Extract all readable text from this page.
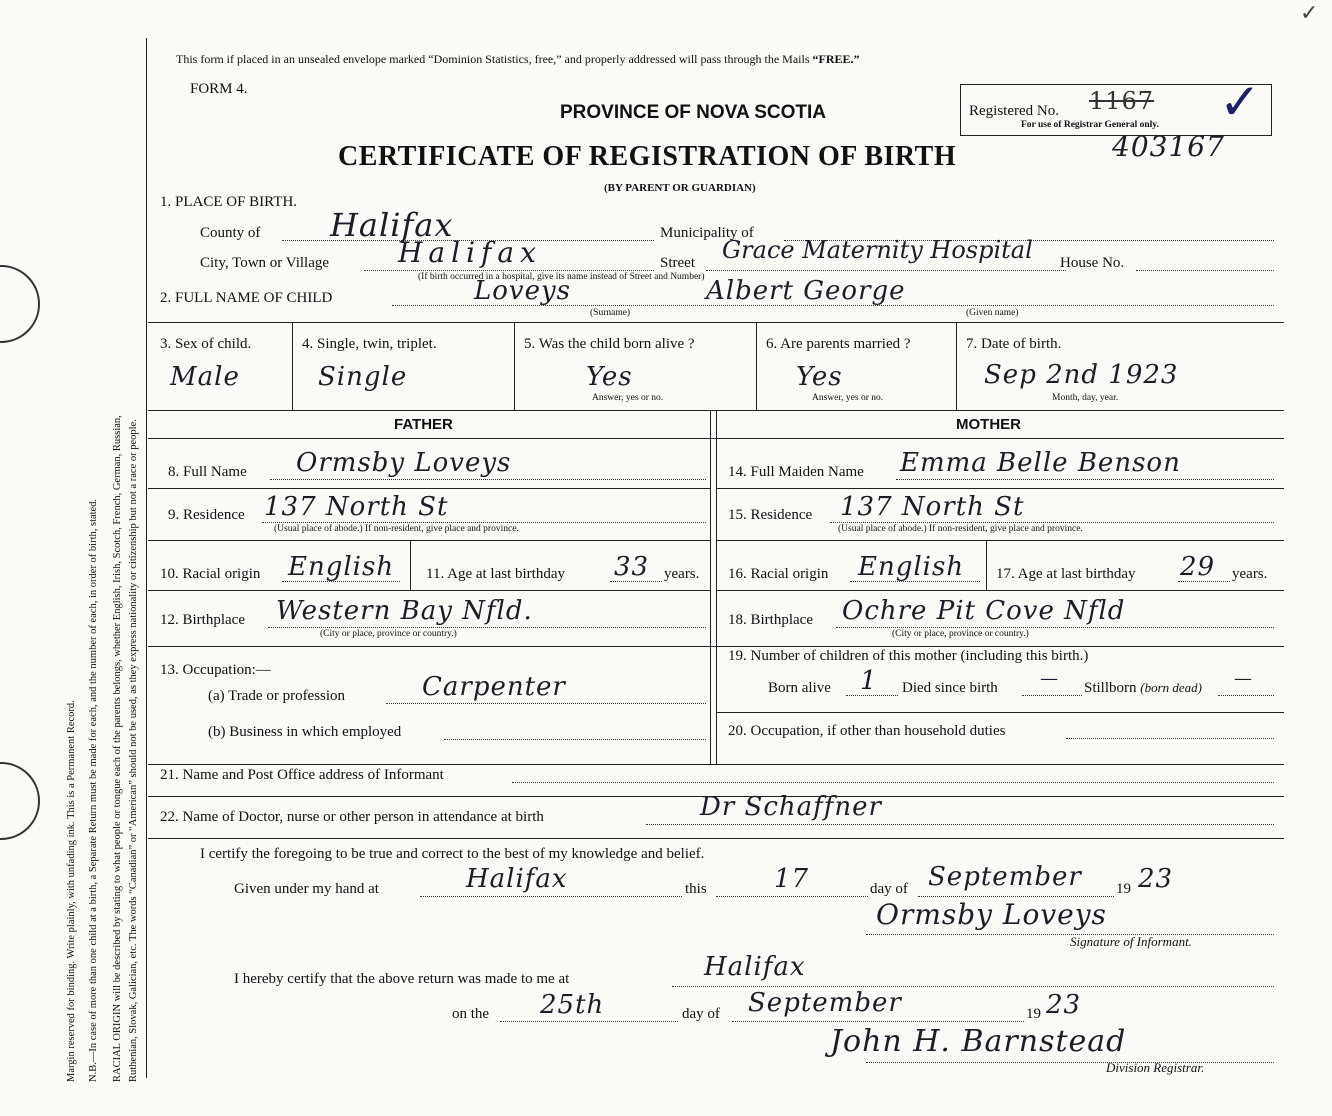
Margin reserved for binding. Write plainly, with unfading ink. This is a Permanent Record. N.B.—In case of more than one child at a birth, a Separate Return must be made for each, and the number of each, in order of birth, stated. RACIAL ORIGIN will be described by stating to what people or tongue each of the parents belongs, whether English, Irish, Scotch, French, German, Russian, Ruthenian, Slovak, Galician, etc. The words “Canadian” or “American” should not be used, as they express nationality or citizenship but not a race or people.
✓
This form if placed in an unsealed envelope marked “Dominion Statistics, free,” and properly addressed will pass through the Mails “FREE.”
FORM 4.
PROVINCE OF NOVA SCOTIA
CERTIFICATE OF REGISTRATION OF BIRTH
(BY PARENT OR GUARDIAN)
Registered No. 1167
For use of Registrar General only. ✓
403167
1. PLACE OF BIRTH.
County of Halifax	Municipality of
City, Town or Village Halifax
(If birth occurred in a hospital, give its name instead of Street and Number)
Street Grace Maternity Hospital House No.
2. FULL NAME OF CHILD	Loveys	Albert George
(Surname)	(Given name)
3. Sex of child.
Male
4. Single, twin, triplet.
Single
5. Was the child born alive ?
Yes
Answer, yes or no.
6. Are parents married ?
Yes
Answer, yes or no.
7. Date of birth.
Sep 2nd 1923
Month, day, year.
FATHER	MOTHER
8. Full Name Ormsby Loveys
9. Residence 137 North St
(Usual place of abode.) If non-resident, give place and province.
10. Racial origin English 11. Age at last birthday 33 years.
12. Birthplace Western Bay Nfld.
(City or place, province or country.)
13. Occupation:—
(a) Trade or profession	Carpenter
(b) Business in which employed
14. Full Maiden Name Emma Belle Benson
15. Residence 137 North St
(Usual place of abode.) If non-resident, give place and province.
16. Racial origin English 17. Age at last birthday 29 years.
18. Birthplace Ochre Pit Cove Nfld
(City or place, province or country.)
19. Number of children of this mother (including this birth.)
Born alive 1 Died since birth — Stillborn (born dead) —
20. Occupation, if other than household duties
21. Name and Post Office address of Informant
22. Name of Doctor, nurse or other person in attendance at birth	Dr Schaffner
I certify the foregoing to be true and correct to the best of my knowledge and belief.
Given under my hand at	Halifax	this	17	day of September 19 23
Ormsby Loveys
Signature of Informant.
I hereby certify that the above return was made to me at	Halifax
on the 25th	day of September	19 23
John H. Barnstead
Division Registrar.
